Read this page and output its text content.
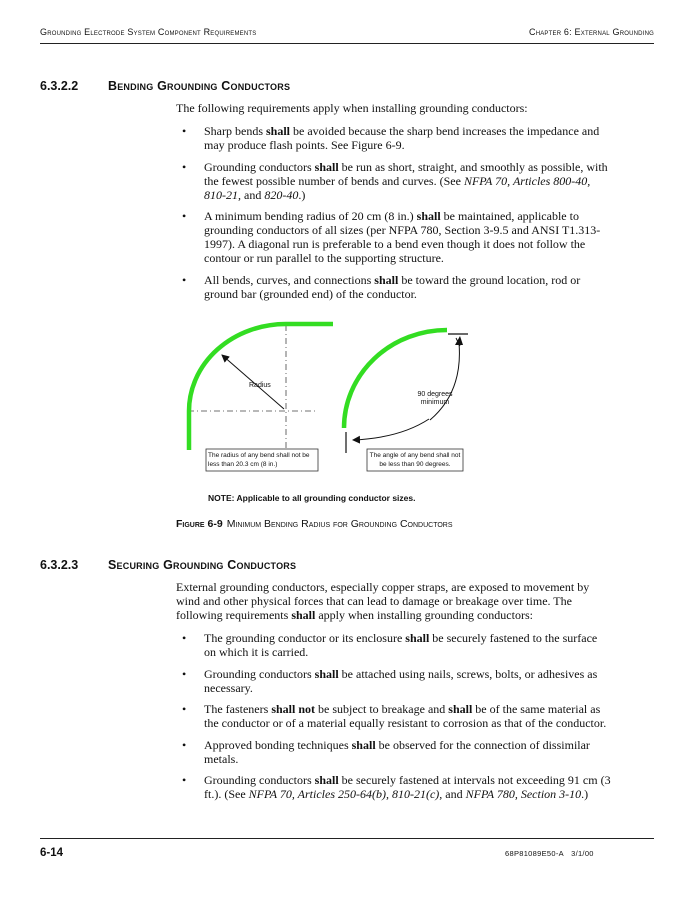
Grounding Electrode System Component Requirements	Chapter 6: External Grounding
6.3.2.2 Bending Grounding Conductors
The following requirements apply when installing grounding conductors:
• Sharp bends shall be avoided because the sharp bend increases the impedance and may produce flash points. See Figure 6-9.
• Grounding conductors shall be run as short, straight, and smoothly as possible, with the fewest possible number of bends and curves. (See NFPA 70, Articles 800-40, 810-21, and 820-40.)
• A minimum bending radius of 20 cm (8 in.) shall be maintained, applicable to grounding conductors of all sizes (per NFPA 780, Section 3-9.5 and ANSI T1.313-1997). A diagonal run is preferable to a bend even though it does not follow the contour or run parallel to the supporting structure.
• All bends, curves, and connections shall be toward the ground location, rod or ground bar (grounded end) of the conductor.
Radius
90 degrees
minimum
The radius of any bend shall not be
less than 20.3 cm (8 in.)
The angle of any bend shall not
be less than 90 degrees.
NOTE: Applicable to all grounding conductor sizes.
Figure 6-9 Minimum Bending Radius for Grounding Conductors
6.3.2.3 Securing Grounding Conductors
External grounding conductors, especially copper straps, are exposed to movement by wind and other physical forces that can lead to damage or breakage over time. The following requirements shall apply when installing grounding conductors:
• The grounding conductor or its enclosure shall be securely fastened to the surface on which it is carried.
• Grounding conductors shall be attached using nails, screws, bolts, or adhesives as necessary.
• The fasteners shall not be subject to breakage and shall be of the same material as the conductor or of a material equally resistant to corrosion as that of the conductor.
• Approved bonding techniques shall be observed for the connection of dissimilar metals.
• Grounding conductors shall be securely fastened at intervals not exceeding 91 cm (3 ft.). (See NFPA 70, Articles 250-64(b), 810-21(c), and NFPA 780, Section 3-10.)
6-14	68P81089E50-A 3/1/00
